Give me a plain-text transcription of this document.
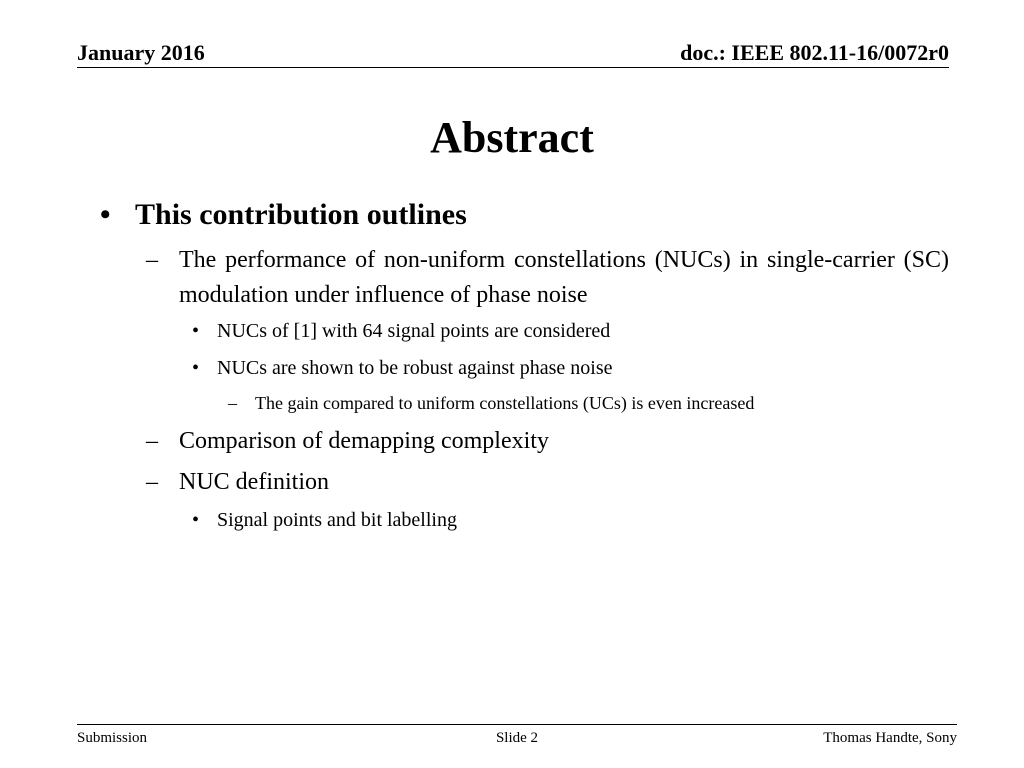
January 2016	doc.: IEEE 802.11-16/0072r0
Abstract
• This contribution outlines
– The performance of non-uniform constellations (NUCs) in single-carrier (SC) modulation under influence of phase noise
• NUCs of [1] with 64 signal points are considered
• NUCs are shown to be robust against phase noise
– The gain compared to uniform constellations (UCs) is even increased
– Comparison of demapping complexity
– NUC definition
• Signal points and bit labelling
Submission	Slide 2	Thomas Handte, Sony
